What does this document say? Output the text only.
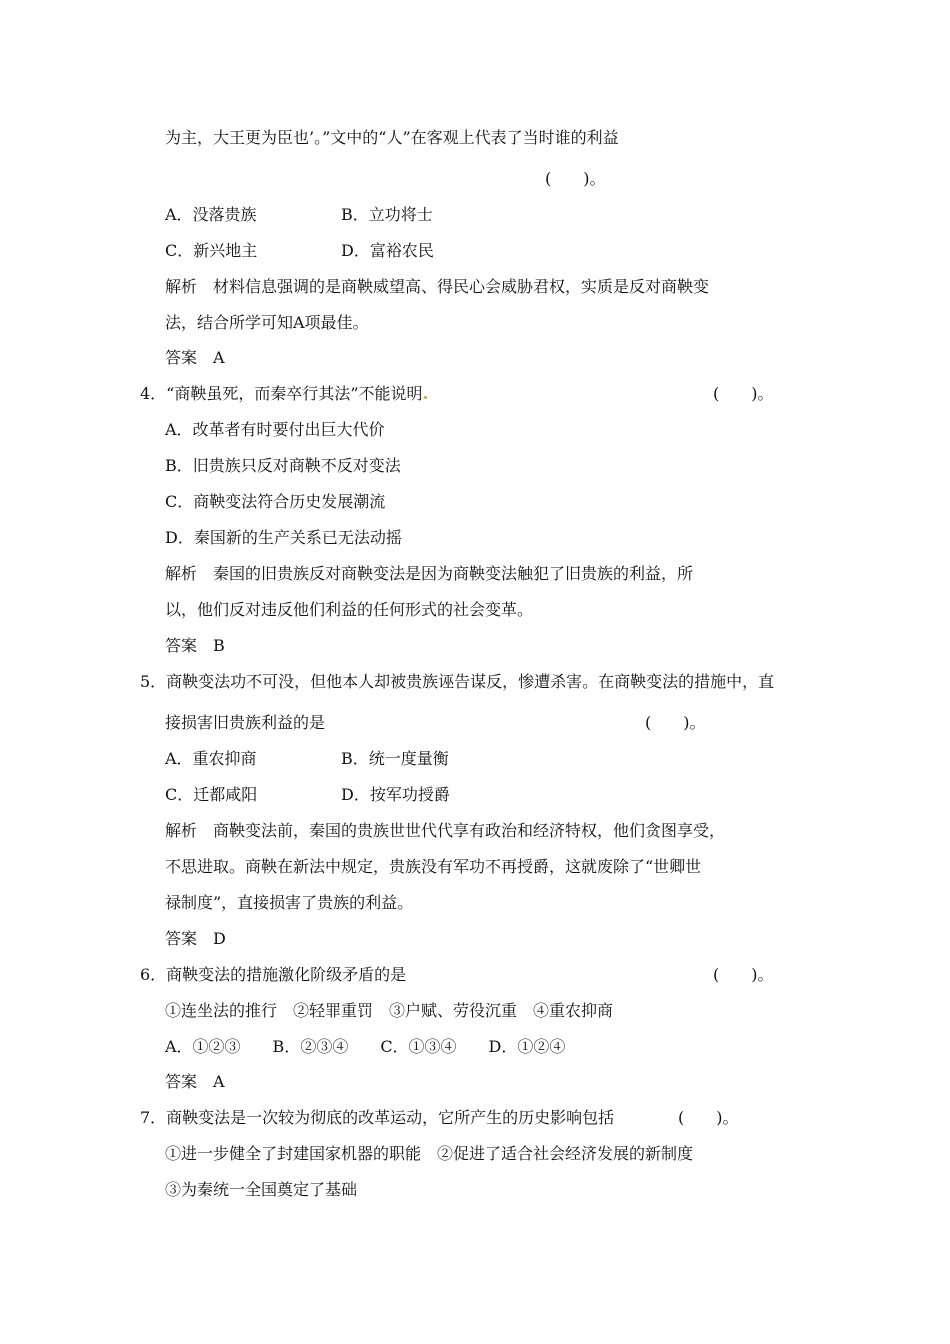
为主，大王更为臣也’。”文中的“人”在客观上代表了当时谁的利益
(　　)。
A．没落贵族	B．立功将士
C．新兴地主	D．富裕农民
解析　材料信息强调的是商鞅威望高、得民心会威胁君权，实质是反对商鞅变
法，结合所学可知A项最佳。
答案　A
4．“商鞅虽死，而秦卒行其法”不能说明	(　　)。
A．改革者有时要付出巨大代价
B．旧贵族只反对商鞅不反对变法
C．商鞅变法符合历史发展潮流
D．秦国新的生产关系已无法动摇
解析　秦国的旧贵族反对商鞅变法是因为商鞅变法触犯了旧贵族的利益，所
以，他们反对违反他们利益的任何形式的社会变革。
答案　B
5．商鞅变法功不可没，但他本人却被贵族诬告谋反，惨遭杀害。在商鞅变法的措施中，直
接损害旧贵族利益的是	(　　)。
A．重农抑商	B．统一度量衡
C．迁都咸阳	D．按军功授爵
解析　商鞅变法前，秦国的贵族世世代代享有政治和经济特权，他们贪图享受，
不思进取。商鞅在新法中规定，贵族没有军功不再授爵，这就废除了“世卿世
禄制度”，直接损害了贵族的利益。
答案　D
6．商鞅变法的措施激化阶级矛盾的是	(　　)。
①连坐法的推行　②轻罪重罚　③户赋、劳役沉重　④重农抑商
A．①②③　　B．②③④　　C．①③④　　D．①②④
答案　A
7．商鞅变法是一次较为彻底的改革运动，它所产生的历史影响包括	(　　)。
①进一步健全了封建国家机器的职能　②促进了适合社会经济发展的新制度
③为秦统一全国奠定了基础
